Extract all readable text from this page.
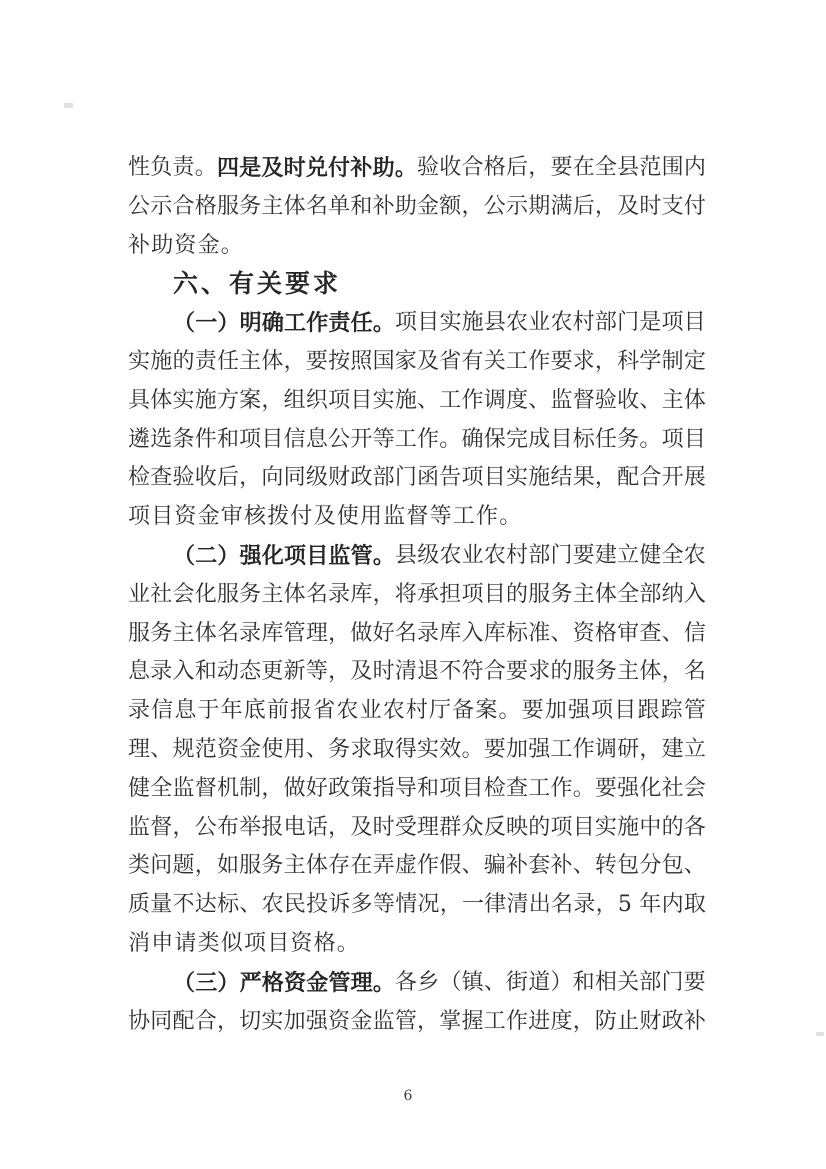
性 负 责 。 四 是 及 时 兑 付 补 助 。 验 收 合 格 后 ， 要 在 全 县 范 围 内
公 示 合 格 服 务 主 体 名 单 和 补 助 金 额 ， 公 示 期 满 后 ， 及 时 支 付
补助资金。
六、有关要求
（ 一 ） 明 确 工 作 责 任 。 项 目 实 施 县 农 业 农 村 部 门 是 项 目
实 施 的 责 任 主 体 ， 要 按 照 国 家 及 省 有 关 工 作 要 求 ， 科 学 制 定
具 体 实 施 方 案 ， 组 织 项 目 实 施 、 工 作 调 度 、 监 督 验 收 、 主 体
遴 选 条 件 和 项 目 信 息 公 开 等 工 作 。 确 保 完 成 目 标 任 务 。 项 目
检 查 验 收 后 ， 向 同 级 财 政 部 门 函 告 项 目 实 施 结 果 ， 配 合 开 展
项目资金审核拨付及使用监督等工作。
（ 二 ） 强 化 项 目 监 管 。 县 级 农 业 农 村 部 门 要 建 立 健 全 农
业 社 会 化 服 务 主 体 名 录 库 ， 将 承 担 项 目 的 服 务 主 体 全 部 纳 入
服 务 主 体 名 录 库 管 理 ， 做 好 名 录 库 入 库 标 准 、 资 格 审 查 、 信
息 录 入 和 动 态 更 新 等 ， 及 时 清 退 不 符 合 要 求 的 服 务 主 体 ， 名
录 信 息 于 年 底 前 报 省 农 业 农 村 厅 备 案 。 要 加 强 项 目 跟 踪 管
理 、 规 范 资 金 使 用 、 务 求 取 得 实 效 。 要 加 强 工 作 调 研 ， 建 立
健 全 监 督 机 制 ， 做 好 政 策 指 导 和 项 目 检 查 工 作 。 要 强 化 社 会
监 督 ， 公 布 举 报 电 话 ， 及 时 受 理 群 众 反 映 的 项 目 实 施 中 的 各
类 问 题 ， 如 服 务 主 体 存 在 弄 虚 作 假 、 骗 补 套 补 、 转 包 分 包 、
质 量 不 达 标 、 农 民 投 诉 多 等 情 况 ， 一 律 清 出 名 录 ， 5
年 内 取
消申请类似项目资格。
（ 三 ） 严 格 资 金 管 理 。 各 乡 （ 镇 、 街 道 ） 和 相 关 部 门 要
协 同 配 合 ， 切 实 加 强 资 金 监 管 ， 掌 握 工 作 进 度 ， 防 止 财 政 补
6
